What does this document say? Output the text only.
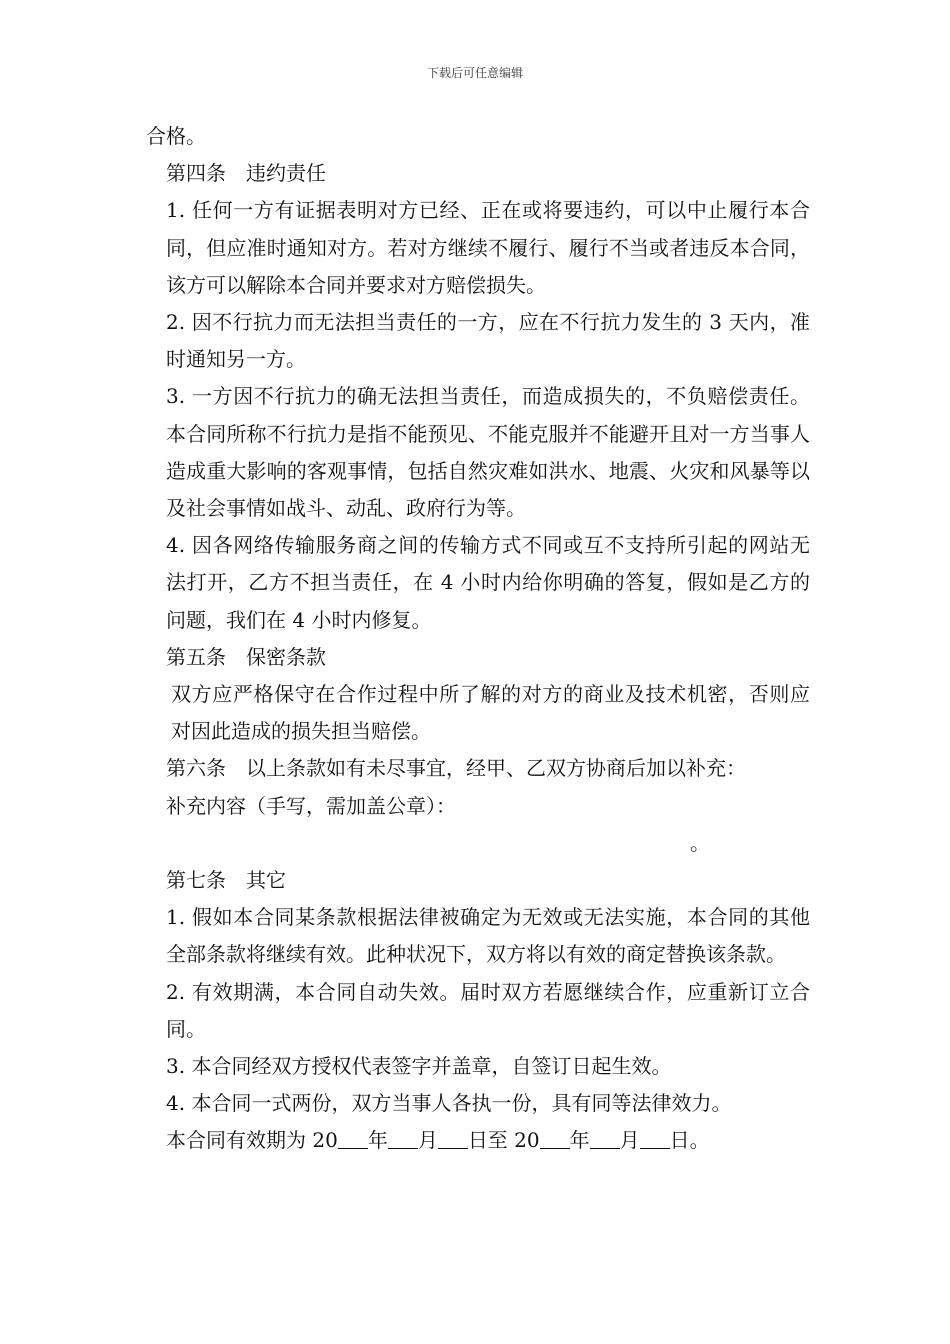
下载后可任意编辑

合格。

第四条　违约责任

1. 任何一方有证据表明对方已经、正在或将要违约，可以中止履行本合同，但应准时通知对方。若对方继续不履行、履行不当或者违反本合同，该方可以解除本合同并要求对方赔偿损失。

2. 因不行抗力而无法担当责任的一方，应在不行抗力发生的 3 天内，准时通知另一方。

3. 一方因不行抗力的确无法担当责任，而造成损失的，不负赔偿责任。本合同所称不行抗力是指不能预见、不能克服并不能避开且对一方当事人造成重大影响的客观事情，包括自然灾难如洪水、地震、火灾和风暴等以及社会事情如战斗、动乱、政府行为等。

4. 因各网络传输服务商之间的传输方式不同或互不支持所引起的网站无法打开，乙方不担当责任，在 4 小时内给你明确的答复，假如是乙方的问题，我们在 4 小时内修复。

第五条　保密条款

双方应严格保守在合作过程中所了解的对方的商业及技术机密，否则应对因此造成的损失担当赔偿。

第六条　以上条款如有未尽事宜，经甲、乙双方协商后加以补充：

补充内容（手写，需加盖公章）：

。

第七条　其它

1. 假如本合同某条款根据法律被确定为无效或无法实施，本合同的其他全部条款将继续有效。此种状况下，双方将以有效的商定替换该条款。

2. 有效期满，本合同自动失效。届时双方若愿继续合作，应重新订立合同。

3. 本合同经双方授权代表签字并盖章，自签订日起生效。

4. 本合同一式两份，双方当事人各执一份，具有同等法律效力。

本合同有效期为 20 年 月 日至 20 年 月 日。
